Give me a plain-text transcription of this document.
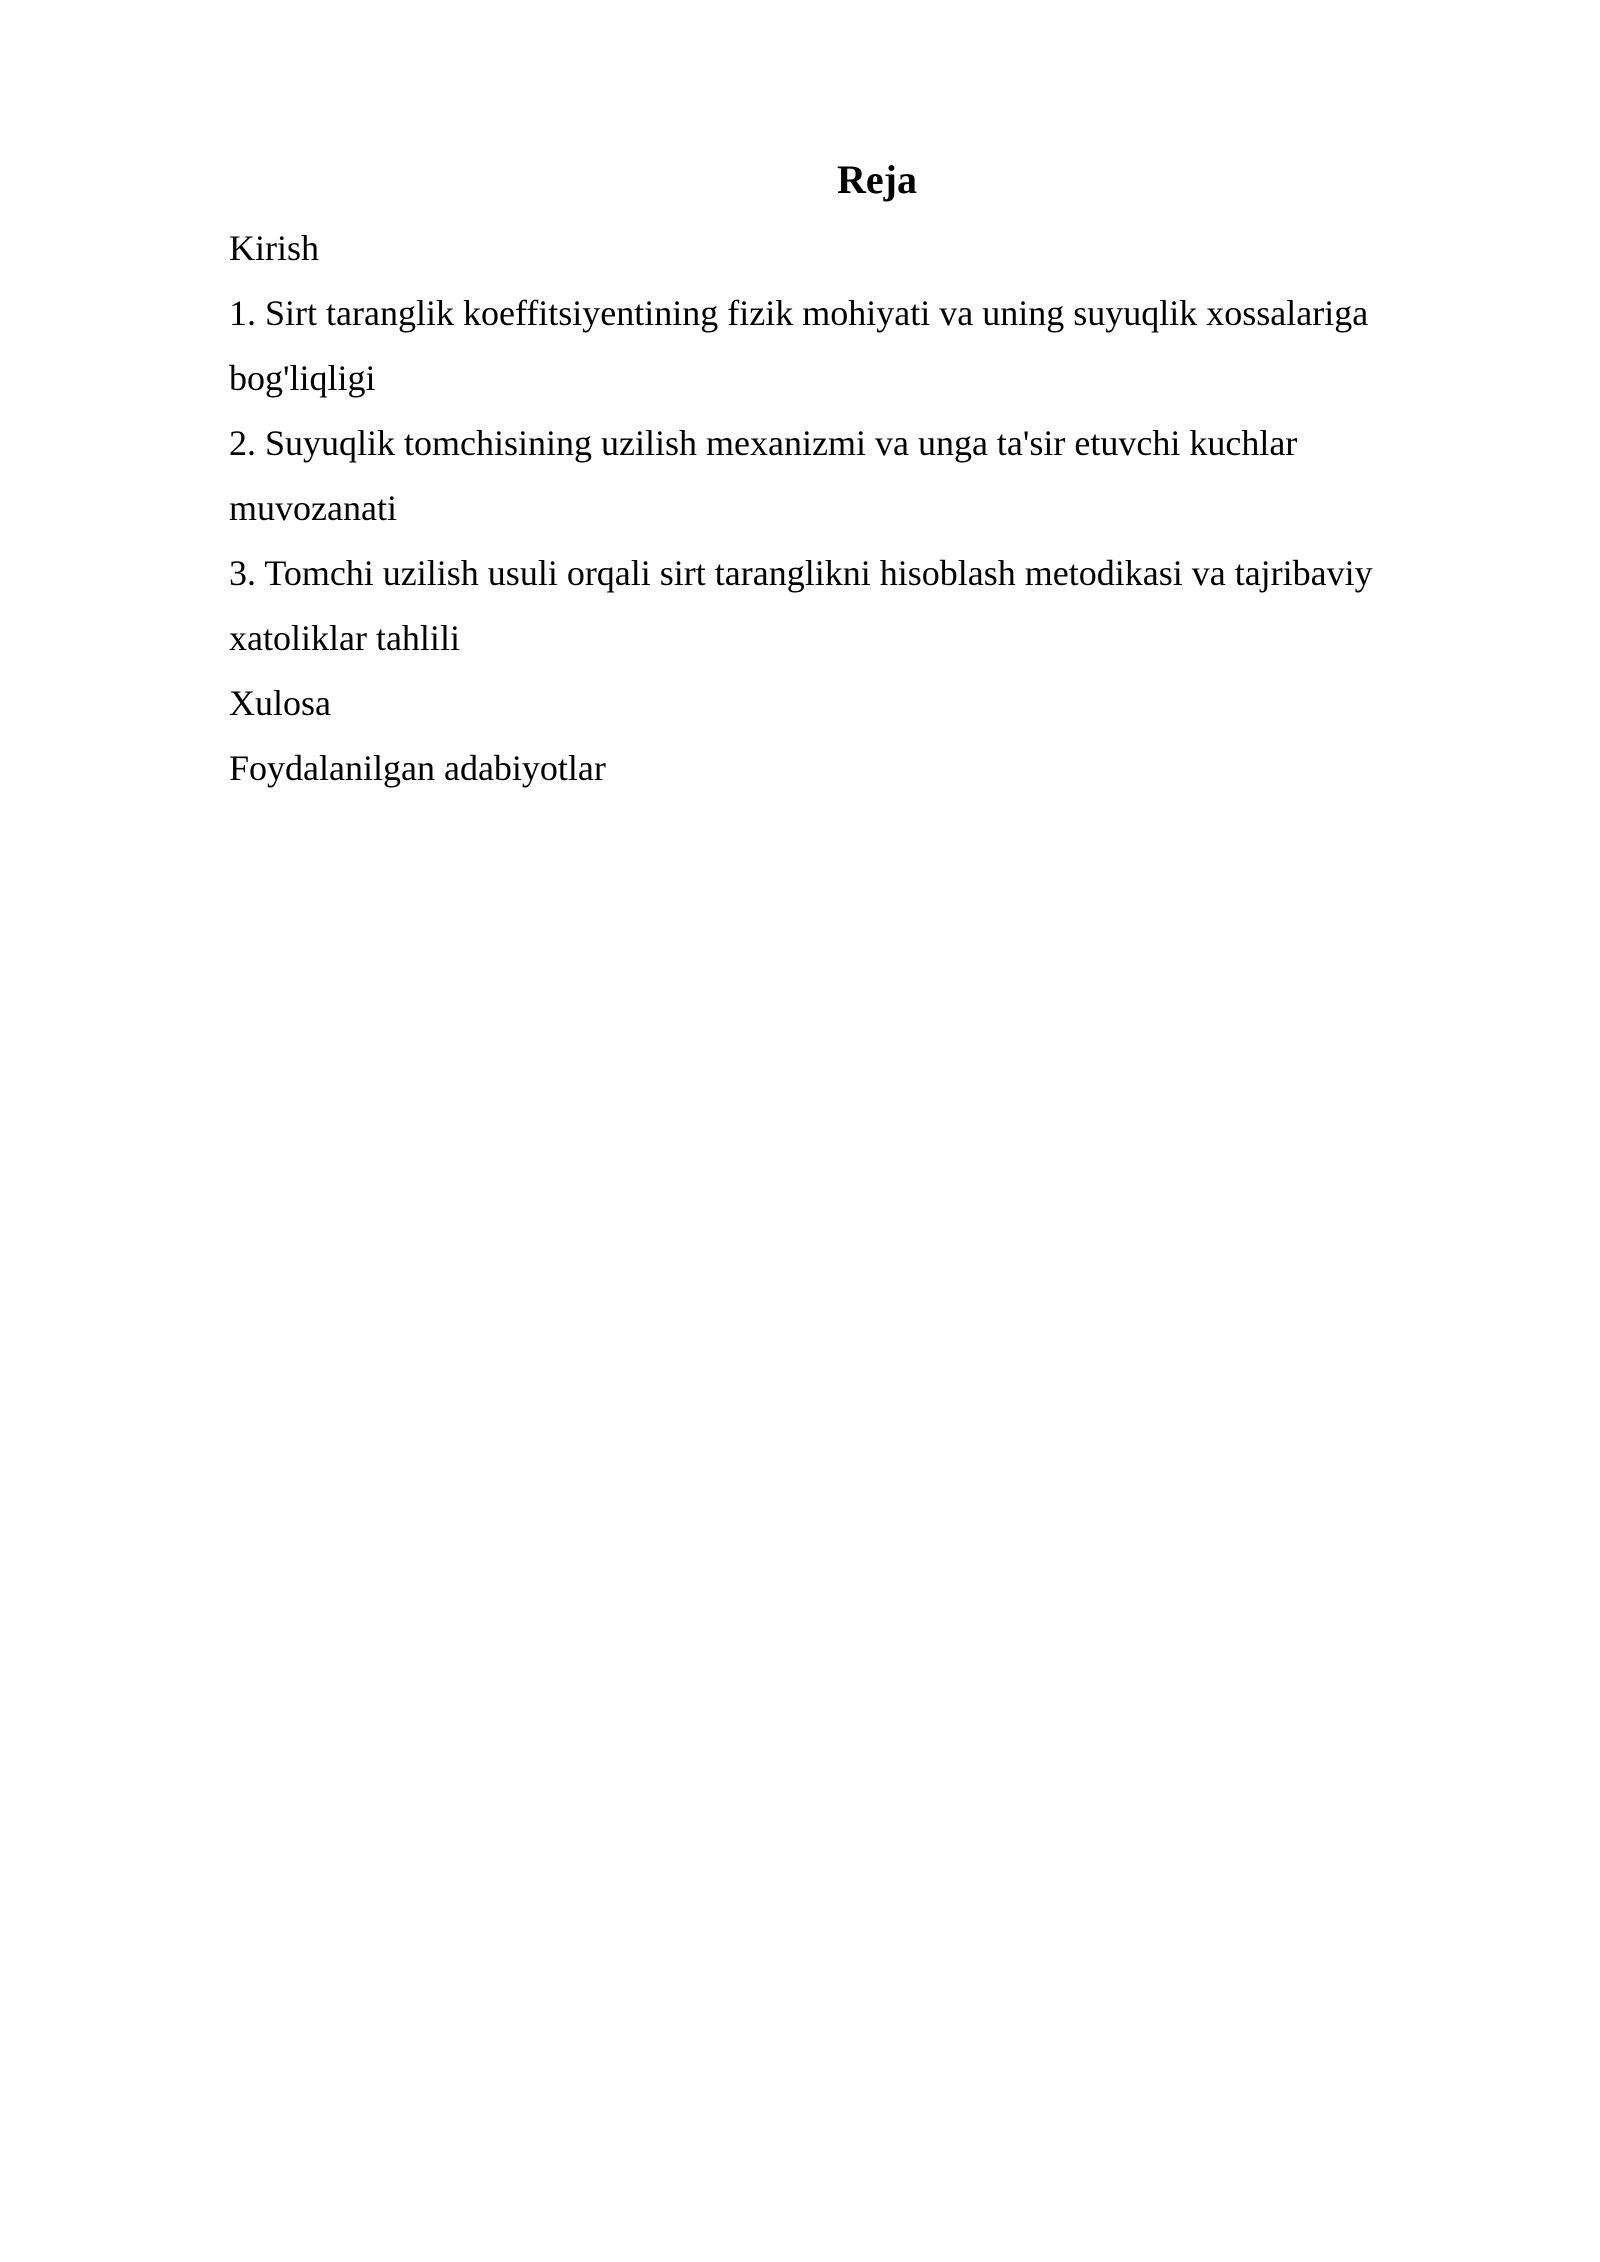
Reja
Kirish
1. Sirt taranglik koeffitsiyentining fizik mohiyati va uning suyuqlik xossalariga bog'liqligi
2. Suyuqlik tomchisining uzilish mexanizmi va unga ta'sir etuvchi kuchlar muvozanati
3. Tomchi uzilish usuli orqali sirt taranglikni hisoblash metodikasi va tajribaviy xatoliklar tahlili
Xulosa
Foydalanilgan adabiyotlar
